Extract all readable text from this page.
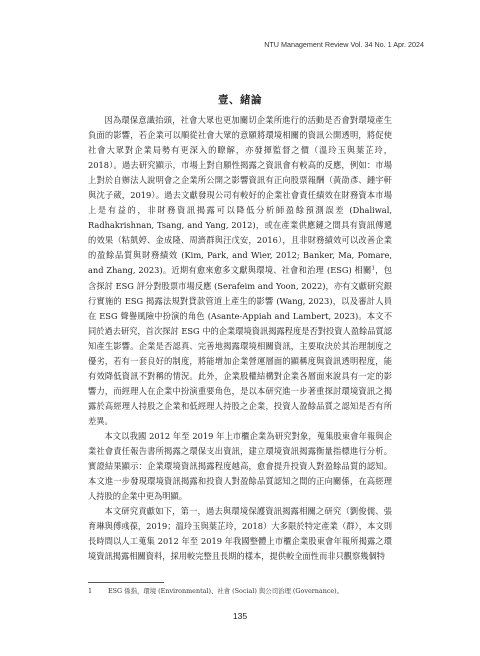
NTU Management Review Vol. 34 No. 1 Apr. 2024
壹、緒論

因為環保意識抬頭，社會大眾也更加關切企業所進行的活動是否會對環境產生負面的影響，若企業可以順從社會大眾的意願將環境相關的資訊公開透明，將促使社會大眾對企業局勢有更深入的瞭解，亦發揮監督之價（溫玲玉與葉芷玲，2018）。過去研究顯示，市場上對自願性揭露之資訊會有較高的反應，例如：市場上對於自辦法人說明會之企業所公開之影響資訊有正向股票報酬（黃劭彥、鍾宇軒與沈子葳，2019）。過去文獻發現公司有較好的企業社會責任績效在財務資本市場上是有益的，非財務資訊揭露可以降低分析師盈餘預測誤差 (Dhaliwal, Radhakrishnan, Tsang, and Yang, 2012)，或在產業供應鏈之間具有資訊傳遞的效果（粘凱婷、金成隆、周濟群與汪戊安，2016），且非財務績效可以改善企業的盈餘品質與財務績效 (Kim, Park, and Wier, 2012; Banker, Ma, Pomare, and Zhang, 2023)。近期有愈來愈多文獻與環境、社會和治理 (ESG) 相關$^1$，包含探討 ESG 評分對股票市場反應 (Serafeim and Yoon, 2022)，亦有文獻研究銀行實施的 ESG 揭露法規對貸款管道上產生的影響 (Wang, 2023)，以及審計人員在 ESG 聲譽風險中扮演的角色 (Asante-Appiah and Lambert, 2023)。本文不同於過去研究，首次探討 ESG 中的企業環境資訊揭露程度是否對投資人盈餘品質認知產生影響。企業是否認真、完善地揭露環境相關資訊，主要取決於其治理制度之優劣，若有一套良好的制度，將能增加企業營運層面的顯稱度與資訊透明程度，能有效降低資訊不對稱的情況。此外，企業股權結構對企業各層面來說具有一定的影響力，而經理人在企業中扮演重要角色，是以本研究進一步著重探討環境資訊之揭露於高經理人持股之企業和低經理人持股之企業，投資人盈餘品質之認知是否有所差異。

本文以我國 2012 年至 2019 年上市櫃企業為研究對象，蒐集股東會年報與企業社會責任報告書所揭露之環保支出資訊，建立環境資訊揭露衡量指標進行分析。實證結果顯示：企業環境資訊揭露程度越高，愈會提升投資人對盈餘品質的認知。本文進一步發現環境資訊揭露和投資人對盈餘品質認知之間的正向關係，在高經理人持股的企業中更為明顯。

本文研究貢獻如下，第一，過去與環境保護資訊揭露相關之研究（劉俊儒、張育琳與傅彧葆，2019；溫玲玉與葉芷玲，2018）大多限於特定產業（群），本文則長時間以人工蒐集 2012 年至 2019 年我國整體上市櫃企業股東會年報所揭露之環境資訊揭露相關資料，採用較完整且長期的樣本，提供較全面性而非只觀察幾個特

1 ESG 係指，環境 (Environmental)、社會 (Social) 與公司治理 (Governance)。
135
